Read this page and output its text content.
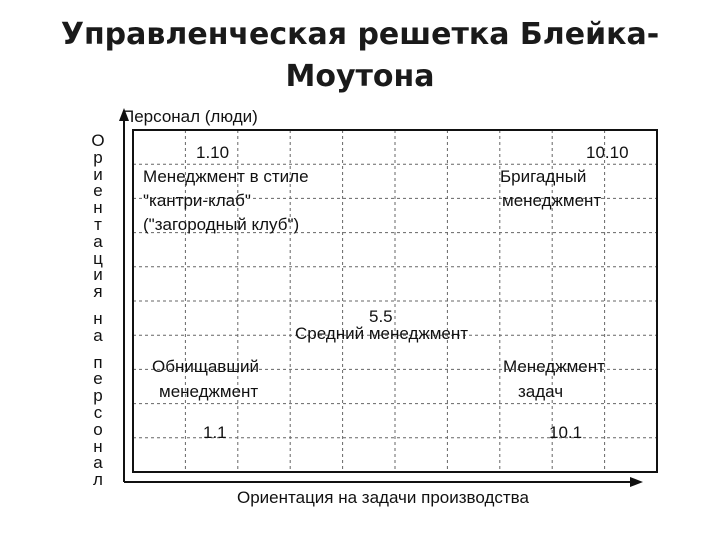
Управленческая решетка Блейка-
Моутона
Персонал (люди)
О
р
и
е
н
т
а
ц
и
я
н
а
п
е
р
с
о
н
а
л
1.10
Менеджмент в стиле
"кантри-клаб"
("загородный клуб")
10.10
Бригадный
менеджмент
5.5
Средний менеджмент
Обнищавший
менеджмент
1.1
Менеджмент
задач
10.1
Ориентация на задачи производства
